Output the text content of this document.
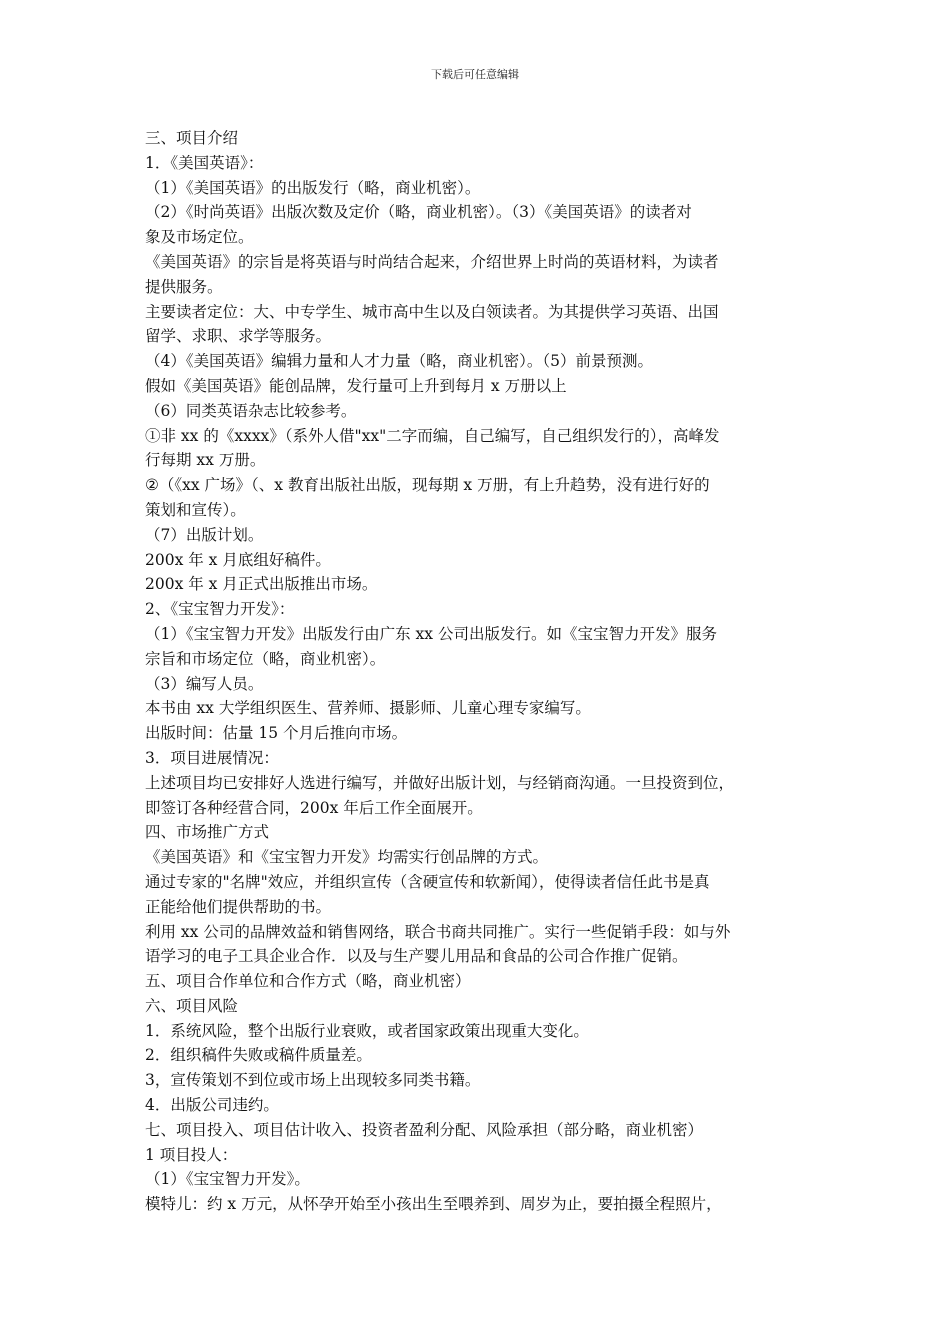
下载后可任意编辑
三、项目介绍
1．《美国英语》：
（1）《美国英语》的出版发行（略，商业机密）。
（2）《时尚英语》出版次数及定价（略，商业机密）。（3）《美国英语》的读者对
象及市场定位。
《美国英语》的宗旨是将英语与时尚结合起来，介绍世界上时尚的英语材料，为读者
提供服务。
主要读者定位：大、中专学生、城市高中生以及白领读者。为其提供学习英语、出国
留学、求职、求学等服务。
（4）《美国英语》编辑力量和人才力量（略，商业机密）。（5）前景预测。
假如《美国英语》能创品牌，发行量可上升到每月 x 万册以上
（6）同类英语杂志比较参考。
①非 xx 的《xxxx》（系外人借"xx"二字而编，自己编写，自己组织发行的），高峰发
行每期 xx 万册。
②（《xx 广场》（、x 教育出版社出版，现每期 x 万册，有上升趋势，没有进行好的
策划和宣传）。
（7）出版计划。
200x 年 x 月底组好稿件。
200x 年 x 月正式出版推出市场。
2、《宝宝智力开发》：
（1）《宝宝智力开发》出版发行由广东 xx 公司出版发行。如《宝宝智力开发》服务
宗旨和市场定位（略，商业机密）。
（3）编写人员。
本书由 xx 大学组织医生、营养师、摄影师、儿童心理专家编写。
出版时间：估量 15 个月后推向市场。
3．项目进展情况：
上述项目均已安排好人选进行编写，并做好出版计划，与经销商沟通。一旦投资到位，
即签订各种经营合同，200x 年后工作全面展开。
四、市场推广方式
《美国英语》和《宝宝智力开发》均需实行创品牌的方式。
通过专家的"名牌"效应，并组织宣传（含硬宣传和软新闻），使得读者信任此书是真
正能给他们提供帮助的书。
利用 xx 公司的品牌效益和销售网络，联合书商共同推广。实行一些促销手段：如与外
语学习的电子工具企业合作．以及与生产婴儿用品和食品的公司合作推广促销。
五、项目合作单位和合作方式（略，商业机密）
六、项目风险
1．系统风险，整个出版行业衰败，或者国家政策出现重大变化。
2．组织稿件失败或稿件质量差。
3，宣传策划不到位或市场上出现较多同类书籍。
4．出版公司违约。
七、项目投入、项目估计收入、投资者盈利分配、风险承担（部分略，商业机密）
1 项目投人：
（1）《宝宝智力开发》。
模特儿：约 x 万元，从怀孕开始至小孩出生至喂养到、周岁为止，要拍摄全程照片，
